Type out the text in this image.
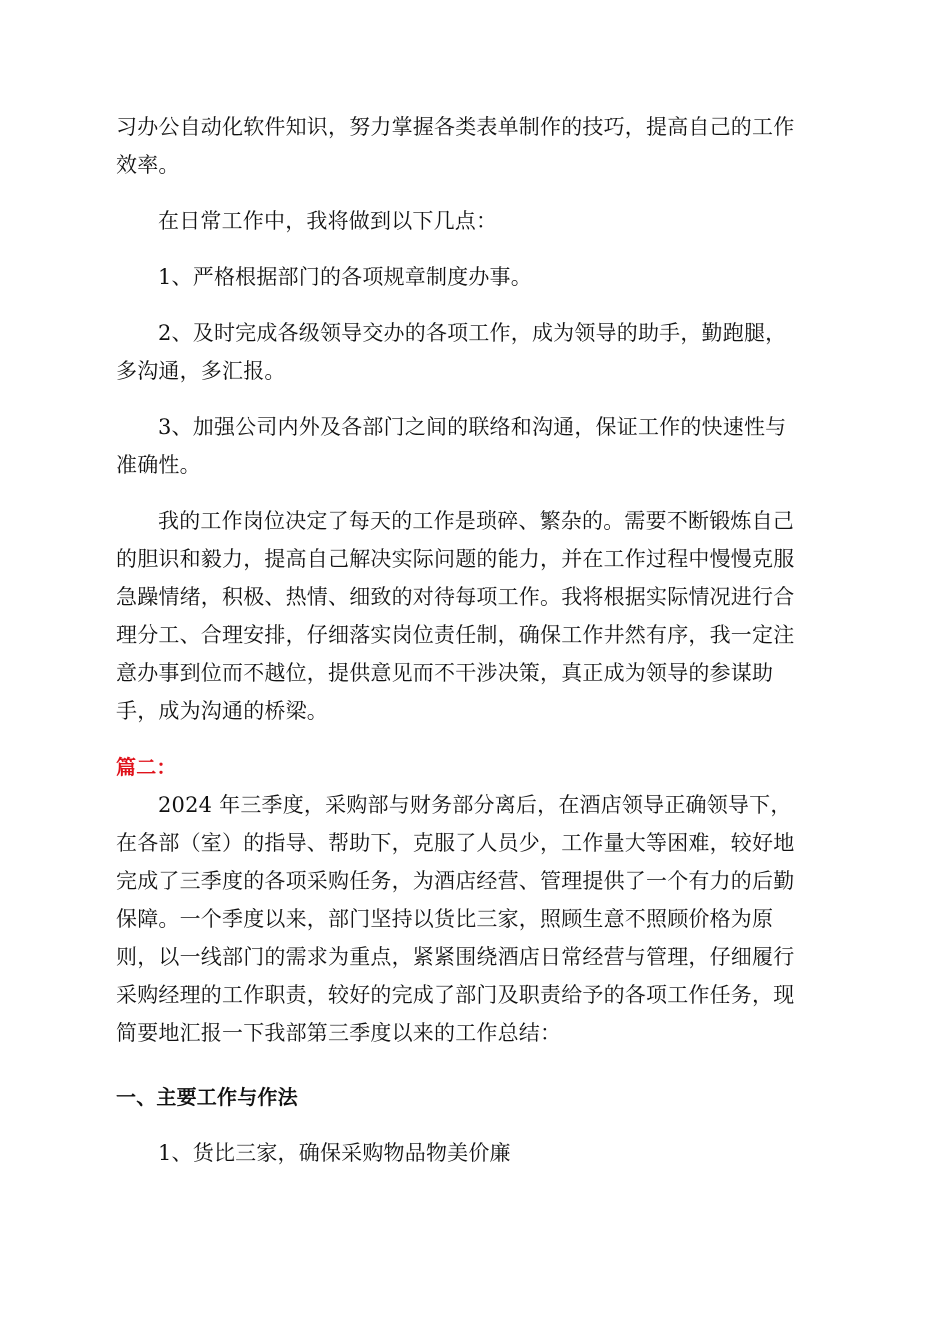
习办公自动化软件知识，努力掌握各类表单制作的技巧，提高自己的工作
效率。
在日常工作中，我将做到以下几点：
1、严格根据部门的各项规章制度办事。
2、及时完成各级领导交办的各项工作，成为领导的助手，勤跑腿，
多沟通，多汇报。
3、加强公司内外及各部门之间的联络和沟通，保证工作的快速性与
准确性。
我的工作岗位决定了每天的工作是琐碎、繁杂的。需要不断锻炼自己
的胆识和毅力，提高自己解决实际问题的能力，并在工作过程中慢慢克服
急躁情绪，积极、热情、细致的对待每项工作。我将根据实际情况进行合
理分工、合理安排，仔细落实岗位责任制，确保工作井然有序，我一定注
意办事到位而不越位，提供意见而不干涉决策，真正成为领导的参谋助
手，成为沟通的桥梁。
篇二：
2024 年三季度，采购部与财务部分离后，在酒店领导正确领导下，
在各部（室）的指导、帮助下，克服了人员少，工作量大等困难，较好地
完成了三季度的各项采购任务，为酒店经营、管理提供了一个有力的后勤
保障。一个季度以来，部门坚持以货比三家，照顾生意不照顾价格为原
则，以一线部门的需求为重点，紧紧围绕酒店日常经营与管理，仔细履行
采购经理的工作职责，较好的完成了部门及职责给予的各项工作任务，现
简要地汇报一下我部第三季度以来的工作总结：
一、主要工作与作法
1、货比三家，确保采购物品物美价廉
